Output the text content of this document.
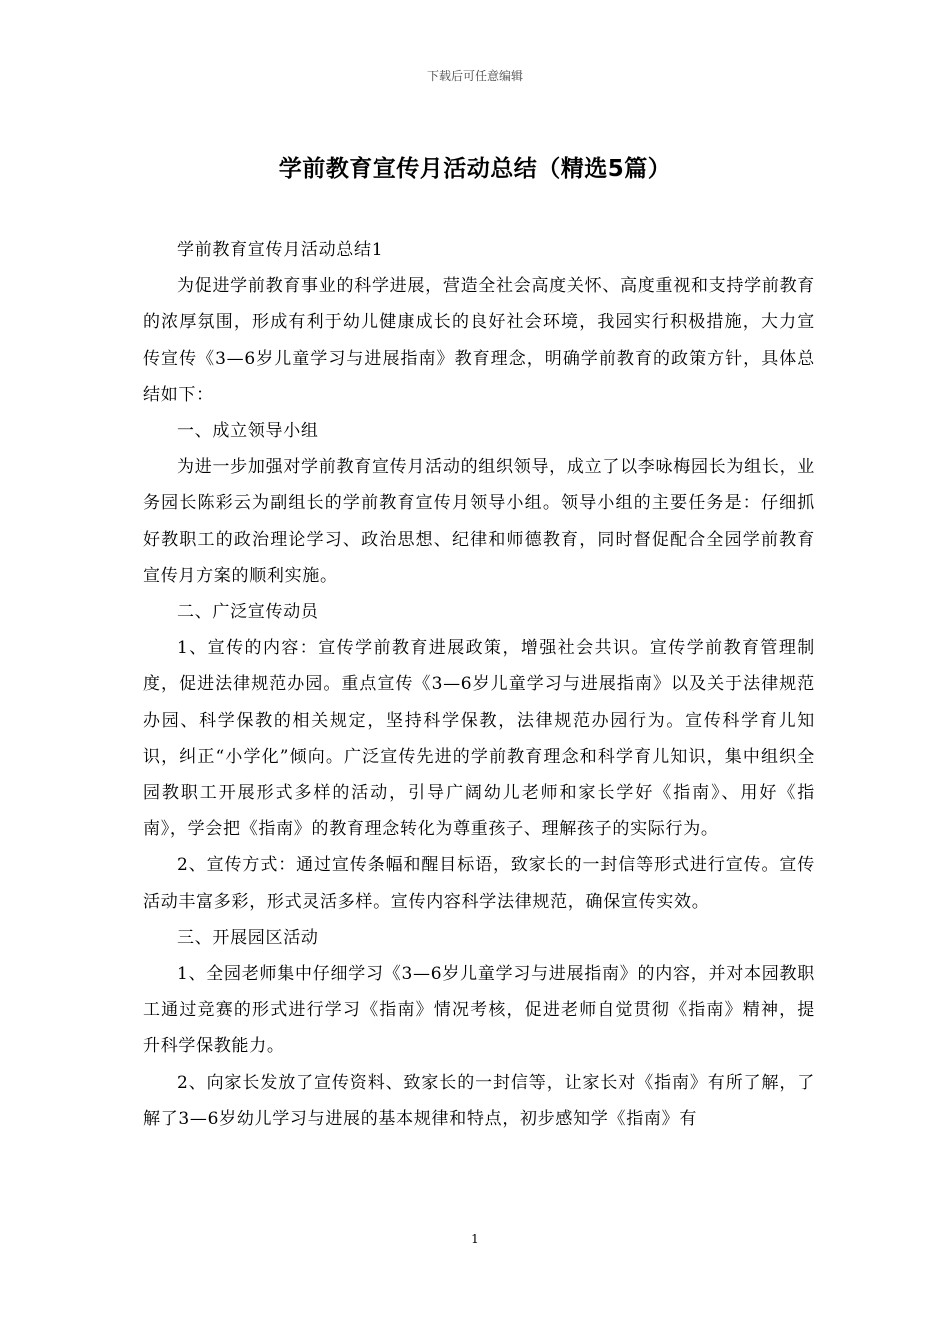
下载后可任意编辑
学前教育宣传月活动总结（精选5篇）

学前教育宣传月活动总结1

为促进学前教育事业的科学进展，营造全社会高度关怀、高度重视和支持学前教育的浓厚氛围，形成有利于幼儿健康成长的良好社会环境，我园实行积极措施，大力宣传宣传《3—6岁儿童学习与进展指南》教育理念，明确学前教育的政策方针，具体总结如下：

一、成立领导小组

为进一步加强对学前教育宣传月活动的组织领导，成立了以李咏梅园长为组长，业务园长陈彩云为副组长的学前教育宣传月领导小组。领导小组的主要任务是：仔细抓好教职工的政治理论学习、政治思想、纪律和师德教育，同时督促配合全园学前教育宣传月方案的顺利实施。

二、广泛宣传动员

1、宣传的内容：宣传学前教育进展政策，增强社会共识。宣传学前教育管理制度，促进法律规范办园。重点宣传《3—6岁儿童学习与进展指南》以及关于法律规范办园、科学保教的相关规定，坚持科学保教，法律规范办园行为。宣传科学育儿知识，纠正“小学化”倾向。广泛宣传先进的学前教育理念和科学育儿知识，集中组织全园教职工开展形式多样的活动，引导广阔幼儿老师和家长学好《指南》、用好《指南》，学会把《指南》的教育理念转化为尊重孩子、理解孩子的实际行为。

2、宣传方式：通过宣传条幅和醒目标语，致家长的一封信等形式进行宣传。宣传活动丰富多彩，形式灵活多样。宣传内容科学法律规范，确保宣传实效。

三、开展园区活动

1、全园老师集中仔细学习《3—6岁儿童学习与进展指南》的内容，并对本园教职工通过竞赛的形式进行学习《指南》情况考核，促进老师自觉贯彻《指南》精神，提升科学保教能力。

2、向家长发放了宣传资料、致家长的一封信等，让家长对《指南》有所了解，了解了3—6岁幼儿学习与进展的基本规律和特点，初步感知学《指南》有

1
